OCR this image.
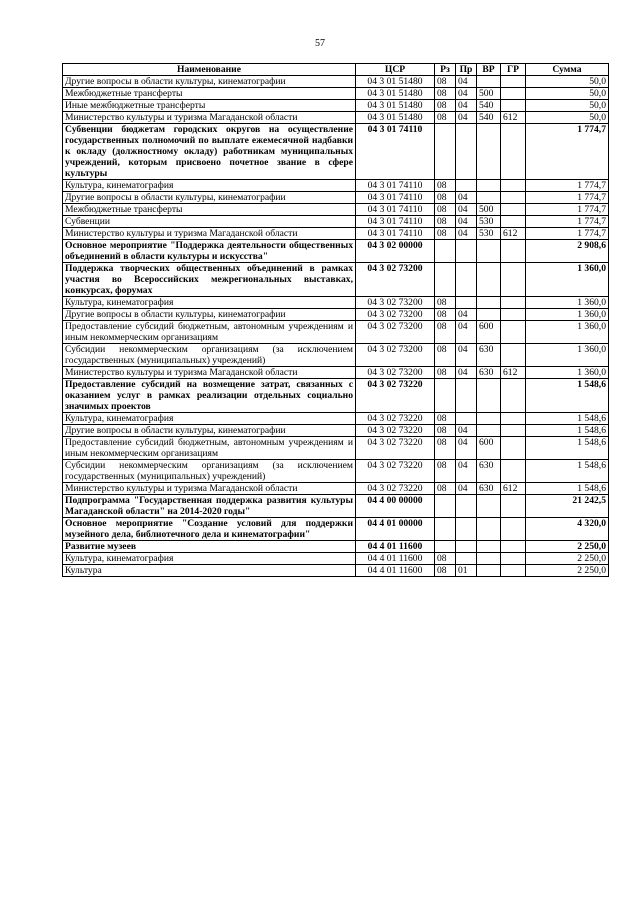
57
Наименование	ЦСР	Рз	Пр	ВР	ГР	Сумма
Другие вопросы в области культуры, кинематографии	04 3 01 51480	08	04			50,0
Межбюджетные трансферты	04 3 01 51480	08	04	500		50,0
Иные межбюджетные трансферты	04 3 01 51480	08	04	540		50,0
Министерство культуры и туризма Магаданской области	04 3 01 51480	08	04	540	612	50,0
Субвенции бюджетам городских округов на осуществление государственных полномочий по выплате ежемесячной надбавки к окладу (должностному окладу) работникам муниципальных учреждений, которым присвоено почетное звание в сфере культуры	04 3 01 74110					1 774,7
Культура, кинематография	04 3 01 74110	08				1 774,7
Другие вопросы в области культуры, кинематографии	04 3 01 74110	08	04			1 774,7
Межбюджетные трансферты	04 3 01 74110	08	04	500		1 774,7
Субвенции	04 3 01 74110	08	04	530		1 774,7
Министерство культуры и туризма Магаданской области	04 3 01 74110	08	04	530	612	1 774,7
Основное мероприятие "Поддержка деятельности общественных объединений в области культуры и искусства"	04 3 02 00000					2 908,6
Поддержка творческих общественных объединений в рамках участия во Всероссийских межрегиональных выставках, конкурсах, форумах	04 3 02 73200					1 360,0
Культура, кинематография	04 3 02 73200	08				1 360,0
Другие вопросы в области культуры, кинематографии	04 3 02 73200	08	04			1 360,0
Предоставление субсидий бюджетным, автономным учреждениям и иным некоммерческим организациям	04 3 02 73200	08	04	600		1 360,0
Субсидии некоммерческим организациям (за исключением государственных (муниципальных) учреждений)	04 3 02 73200	08	04	630		1 360,0
Министерство культуры и туризма Магаданской области	04 3 02 73200	08	04	630	612	1 360,0
Предоставление субсидий на возмещение затрат, связанных с оказанием услуг в рамках реализации отдельных социально значимых проектов	04 3 02 73220					1 548,6
Культура, кинематография	04 3 02 73220	08				1 548,6
Другие вопросы в области культуры, кинематографии	04 3 02 73220	08	04			1 548,6
Предоставление субсидий бюджетным, автономным учреждениям и иным некоммерческим организациям	04 3 02 73220	08	04	600		1 548,6
Субсидии некоммерческим организациям (за исключением государственных (муниципальных) учреждений)	04 3 02 73220	08	04	630		1 548,6
Министерство культуры и туризма Магаданской области	04 3 02 73220	08	04	630	612	1 548,6
Подпрограмма "Государственная поддержка развития культуры Магаданской области" на 2014-2020 годы"	04 4 00 00000					21 242,5
Основное мероприятие "Создание условий для поддержки музейного дела, библиотечного дела и кинематографии"	04 4 01 00000					4 320,0
Развитие музеев	04 4 01 11600					2 250,0
Культура, кинематография	04 4 01 11600	08				2 250,0
Культура	04 4 01 11600	08	01			2 250,0
